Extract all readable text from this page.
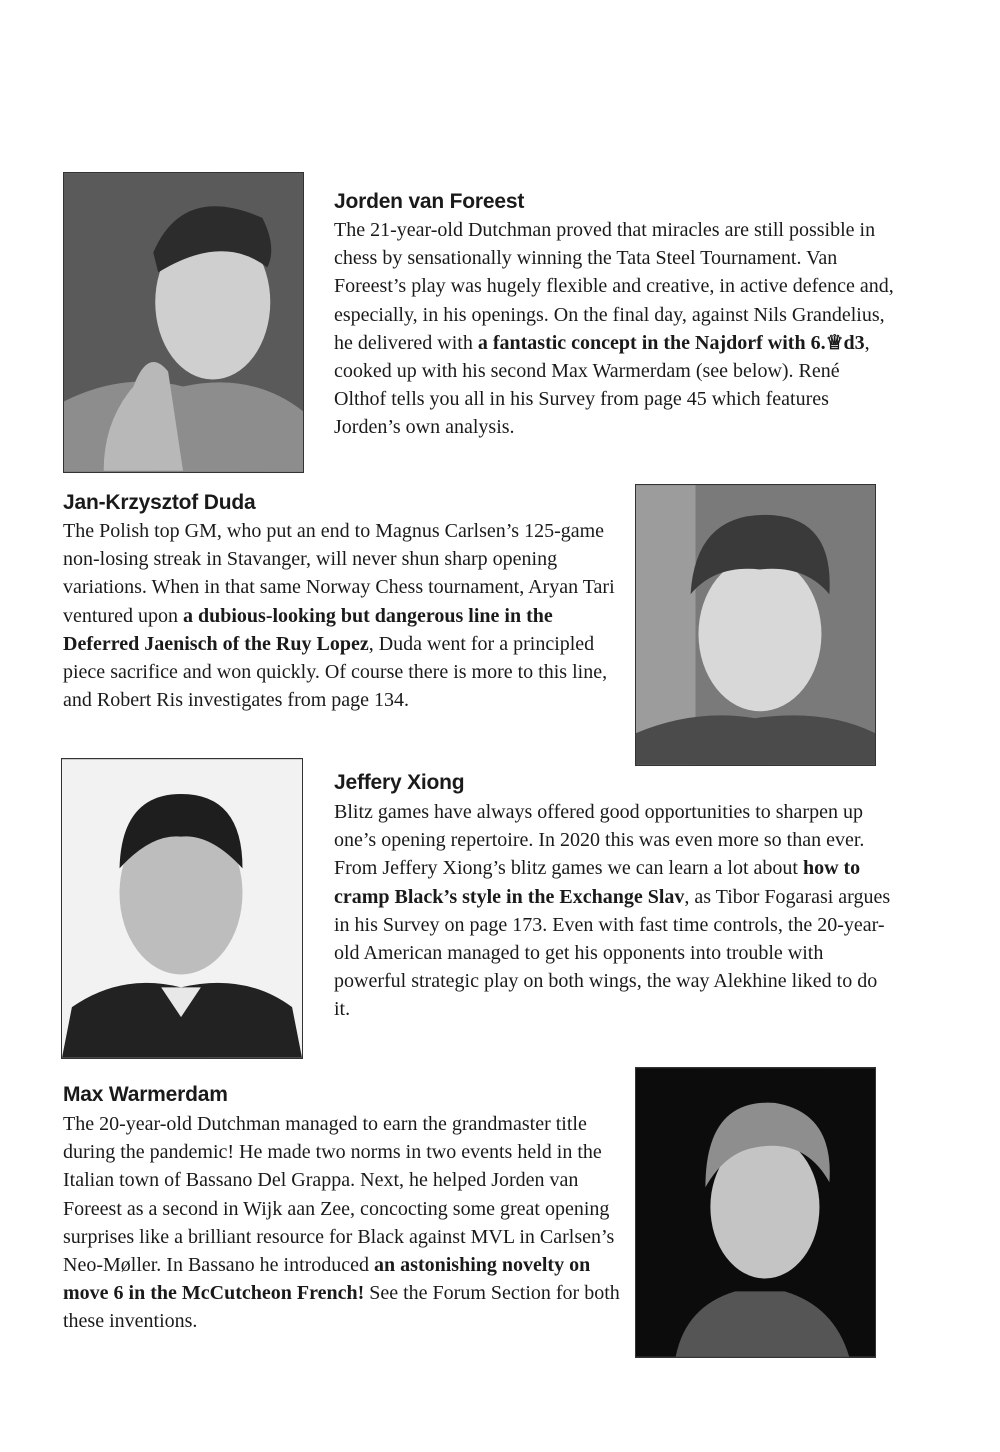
Jorden van Foreest

The 21-year-old Dutchman proved that miracles are still possible in chess by sensationally winning the Tata Steel Tournament. Van Foreest’s play was hugely flexible and creative, in active defence and, especially, in his openings. On the final day, against Nils Grandelius, he delivered with a fantastic concept in the Najdorf with 6.♕d3, cooked up with his second Max Warmerdam (see below). René Olthof tells you all in his Survey from page 45 which features Jorden’s own analysis.

Jan-Krzysztof Duda

The Polish top GM, who put an end to Magnus Carlsen’s 125-game non-losing streak in Stavanger, will never shun sharp opening variations. When in that same Norway Chess tournament, Aryan Tari ventured upon a dubious-looking but dangerous line in the Deferred Jaenisch of the Ruy Lopez, Duda went for a principled piece sacrifice and won quickly. Of course there is more to this line, and Robert Ris investigates from page 134.

Jeffery Xiong

Blitz games have always offered good opportunities to sharpen up one’s opening repertoire. In 2020 this was even more so than ever. From Jeffery Xiong’s blitz games we can learn a lot about how to cramp Black’s style in the Exchange Slav, as Tibor Fogarasi argues in his Survey on page 173. Even with fast time controls, the 20-year-old American managed to get his opponents into trouble with powerful strategic play on both wings, the way Alekhine liked to do it.

Max Warmerdam

The 20-year-old Dutchman managed to earn the grandmaster title during the pandemic! He made two norms in two events held in the Italian town of Bassano Del Grappa. Next, he helped Jorden van Foreest as a second in Wijk aan Zee, concocting some great opening surprises like a brilliant resource for Black against MVL in Carlsen’s Neo-Møller. In Bassano he introduced an astonishing novelty on move 6 in the McCutcheon French! See the Forum Section for both these inventions.
